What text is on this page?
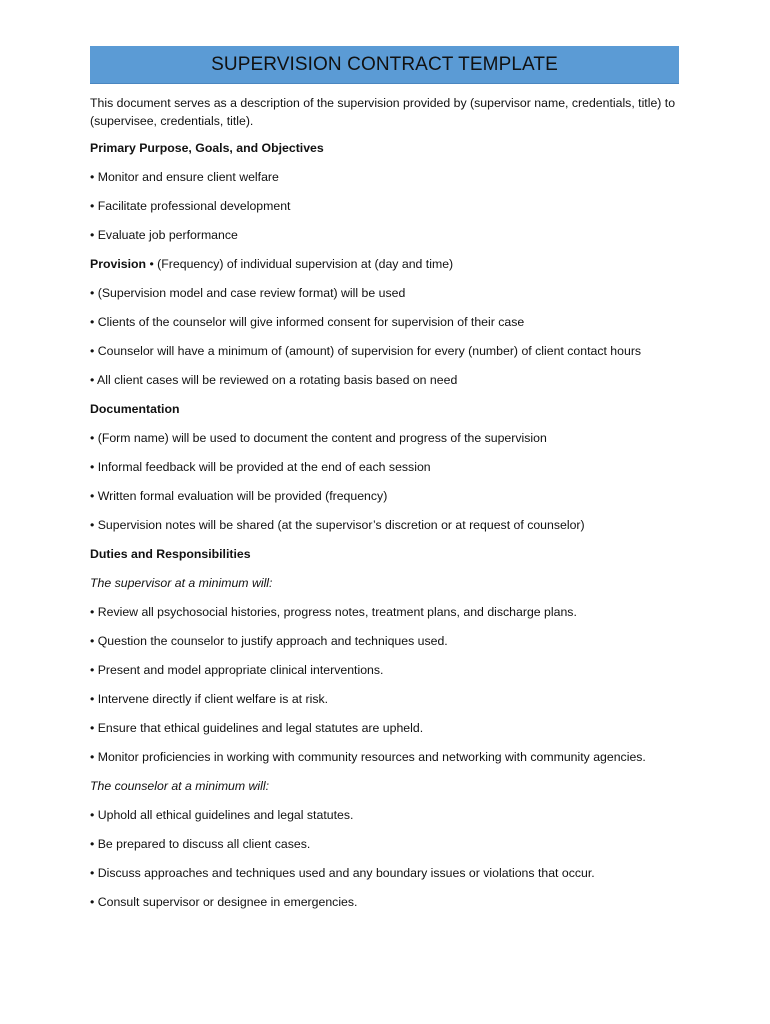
SUPERVISION CONTRACT TEMPLATE

This document serves as a description of the supervision provided by (supervisor name, credentials, title) to (supervisee, credentials, title).

Primary Purpose, Goals, and Objectives
• Monitor and ensure client welfare
• Facilitate professional development
• Evaluate job performance
Provision • (Frequency) of individual supervision at (day and time)
• (Supervision model and case review format) will be used
• Clients of the counselor will give informed consent for supervision of their case
• Counselor will have a minimum of (amount) of supervision for every (number) of client contact hours
• All client cases will be reviewed on a rotating basis based on need
Documentation
• (Form name) will be used to document the content and progress of the supervision
• Informal feedback will be provided at the end of each session
• Written formal evaluation will be provided (frequency)
• Supervision notes will be shared (at the supervisor’s discretion or at request of counselor)
Duties and Responsibilities
The supervisor at a minimum will:
• Review all psychosocial histories, progress notes, treatment plans, and discharge plans.
• Question the counselor to justify approach and techniques used.
• Present and model appropriate clinical interventions.
• Intervene directly if client welfare is at risk.
• Ensure that ethical guidelines and legal statutes are upheld.
• Monitor proficiencies in working with community resources and networking with community agencies.
The counselor at a minimum will:
• Uphold all ethical guidelines and legal statutes.
• Be prepared to discuss all client cases.
• Discuss approaches and techniques used and any boundary issues or violations that occur.
• Consult supervisor or designee in emergencies.
